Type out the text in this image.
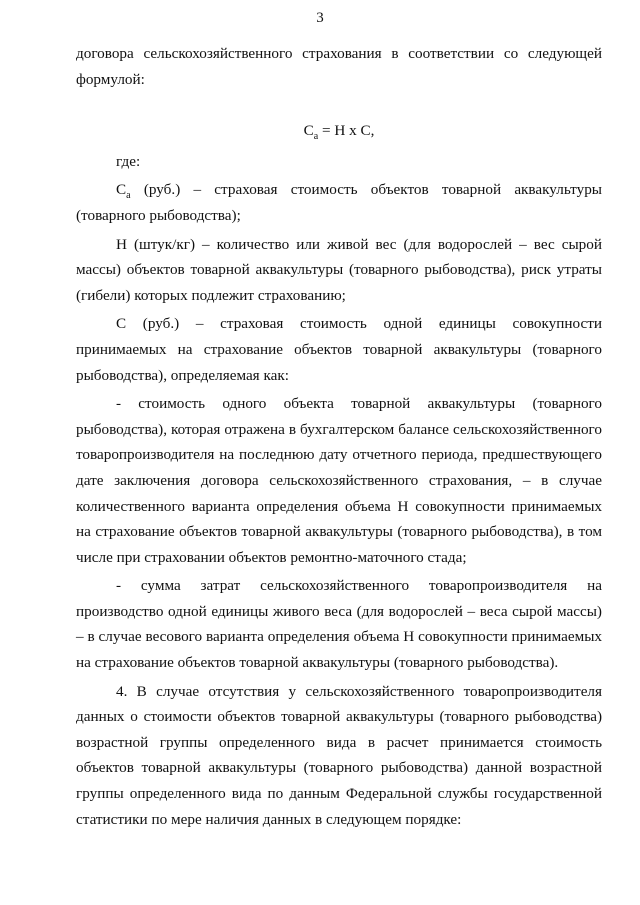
3

договора сельскохозяйственного страхования в соответствии со следующей формулой:

$С_а = Н$ х С,

где:

$С_а$ (руб.) – страховая стоимость объектов товарной аквакультуры (товарного рыбоводства);

Н (штук/кг) – количество или живой вес (для водорослей – вес сырой массы) объектов товарной аквакультуры (товарного рыбоводства), риск утраты (гибели) которых подлежит страхованию;

С (руб.) – страховая стоимость одной единицы совокупности принимаемых на страхование объектов товарной аквакультуры (товарного рыбоводства), определяемая как:

- стоимость одного объекта товарной аквакультуры (товарного рыбоводства), которая отражена в бухгалтерском балансе сельскохозяйственного товаропроизводителя на последнюю дату отчетного периода, предшествующего дате заключения договора сельскохозяйственного страхования, – в случае количественного варианта определения объема Н совокупности принимаемых на страхование объектов товарной аквакультуры (товарного рыбоводства), в том числе при страховании объектов ремонтно-маточного стада;

- сумма затрат сельскохозяйственного товаропроизводителя на производство одной единицы живого веса (для водорослей – веса сырой массы) – в случае весового варианта определения объема Н совокупности принимаемых на страхование объектов товарной аквакультуры (товарного рыбоводства).

4. В случае отсутствия у сельскохозяйственного товаропроизводителя данных о стоимости объектов товарной аквакультуры (товарного рыбоводства) возрастной группы определенного вида в расчет принимается стоимость объектов товарной аквакультуры (товарного рыбоводства) данной возрастной группы определенного вида по данным Федеральной службы государственной статистики по мере наличия данных в следующем порядке:
